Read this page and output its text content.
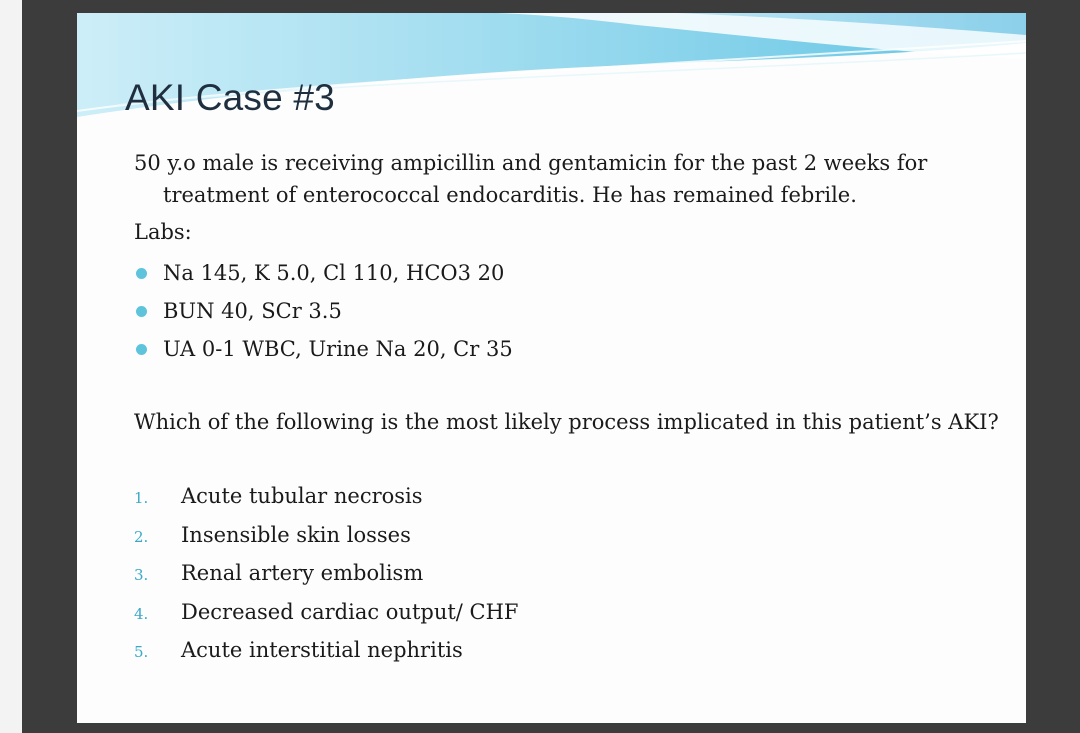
AKI Case #3

50 y.o male is receiving ampicillin and gentamicin for the past 2 weeks for treatment of enterococcal endocarditis. He has remained febrile.

Labs:

Na 145, K 5.0, Cl 110, HCO3 20
BUN 40, SCr 3.5
UA 0-1 WBC, Urine Na 20, Cr 35

Which of the following is the most likely process implicated in this patient’s AKI?

1. Acute tubular necrosis
2. Insensible skin losses
3. Renal artery embolism
4. Decreased cardiac output/ CHF
5. Acute interstitial nephritis
